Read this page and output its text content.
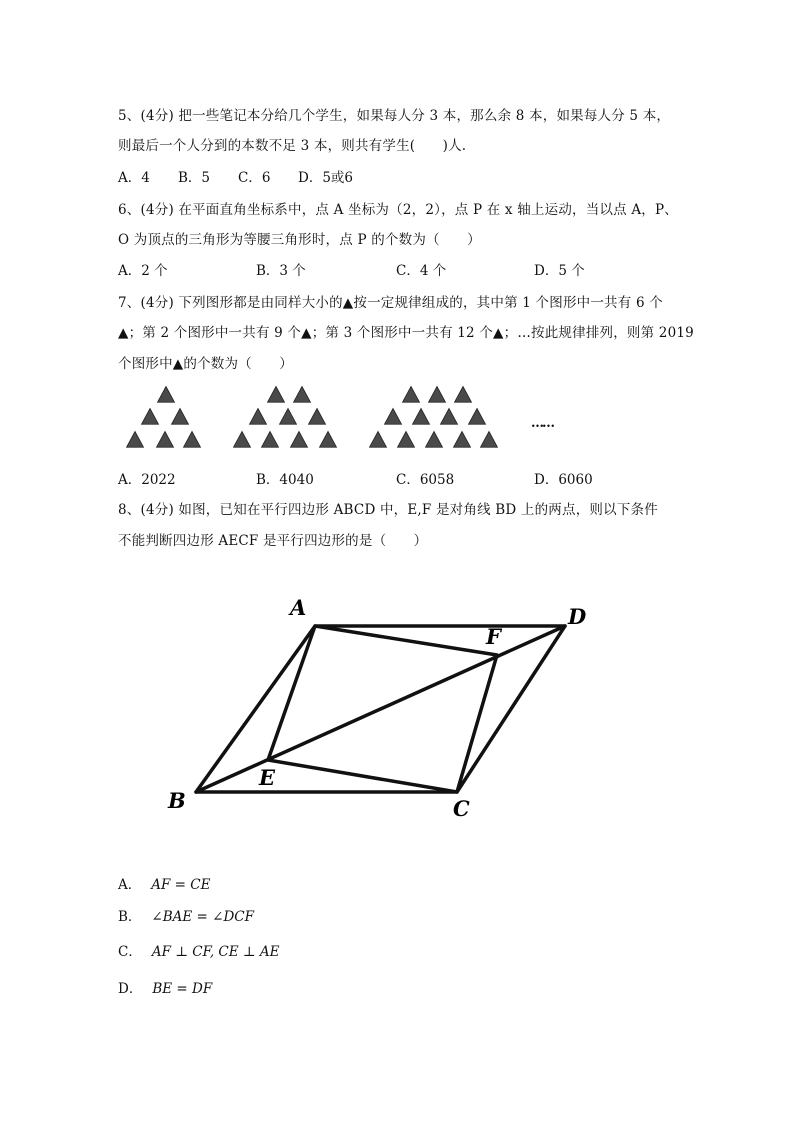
5、(4分) 把一些笔记本分给几个学生，如果每人分 3 本，那么余 8 本，如果每人分 5 本，
则最后一个人分到的本数不足 3 本，则共有学生(　　)人.
A．4 B．5 C．6 D．5或6
6、(4分) 在平面直角坐标系中，点 A 坐标为（2，2），点 P 在 x 轴上运动，当以点 A，P、
O 为顶点的三角形为等腰三角形时，点 P 的个数为（　　）
A．2 个	B．3 个	C．4 个	D．5 个
7、(4分) 下列图形都是由同样大小的▲按一定规律组成的，其中第 1 个图形中一共有 6 个
▲；第 2 个图形中一共有 9 个▲；第 3 个图形中一共有 12 个▲；…按此规律排列，则第 2019
个图形中▲的个数为（　　）
A	D
F
E
B	C
……
A．2022	B．4040	C．6058	D．6060
8、(4分) 如图，已知在平行四边形 ABCD 中，E,F 是对角线 BD 上的两点，则以下条件
不能判断四边形 AECF 是平行四边形的是（　　）
A． AF = CE
B． ∠BAE = ∠DCF
C． AF ⊥ CF, CE ⊥ AE
D． BE = DF
